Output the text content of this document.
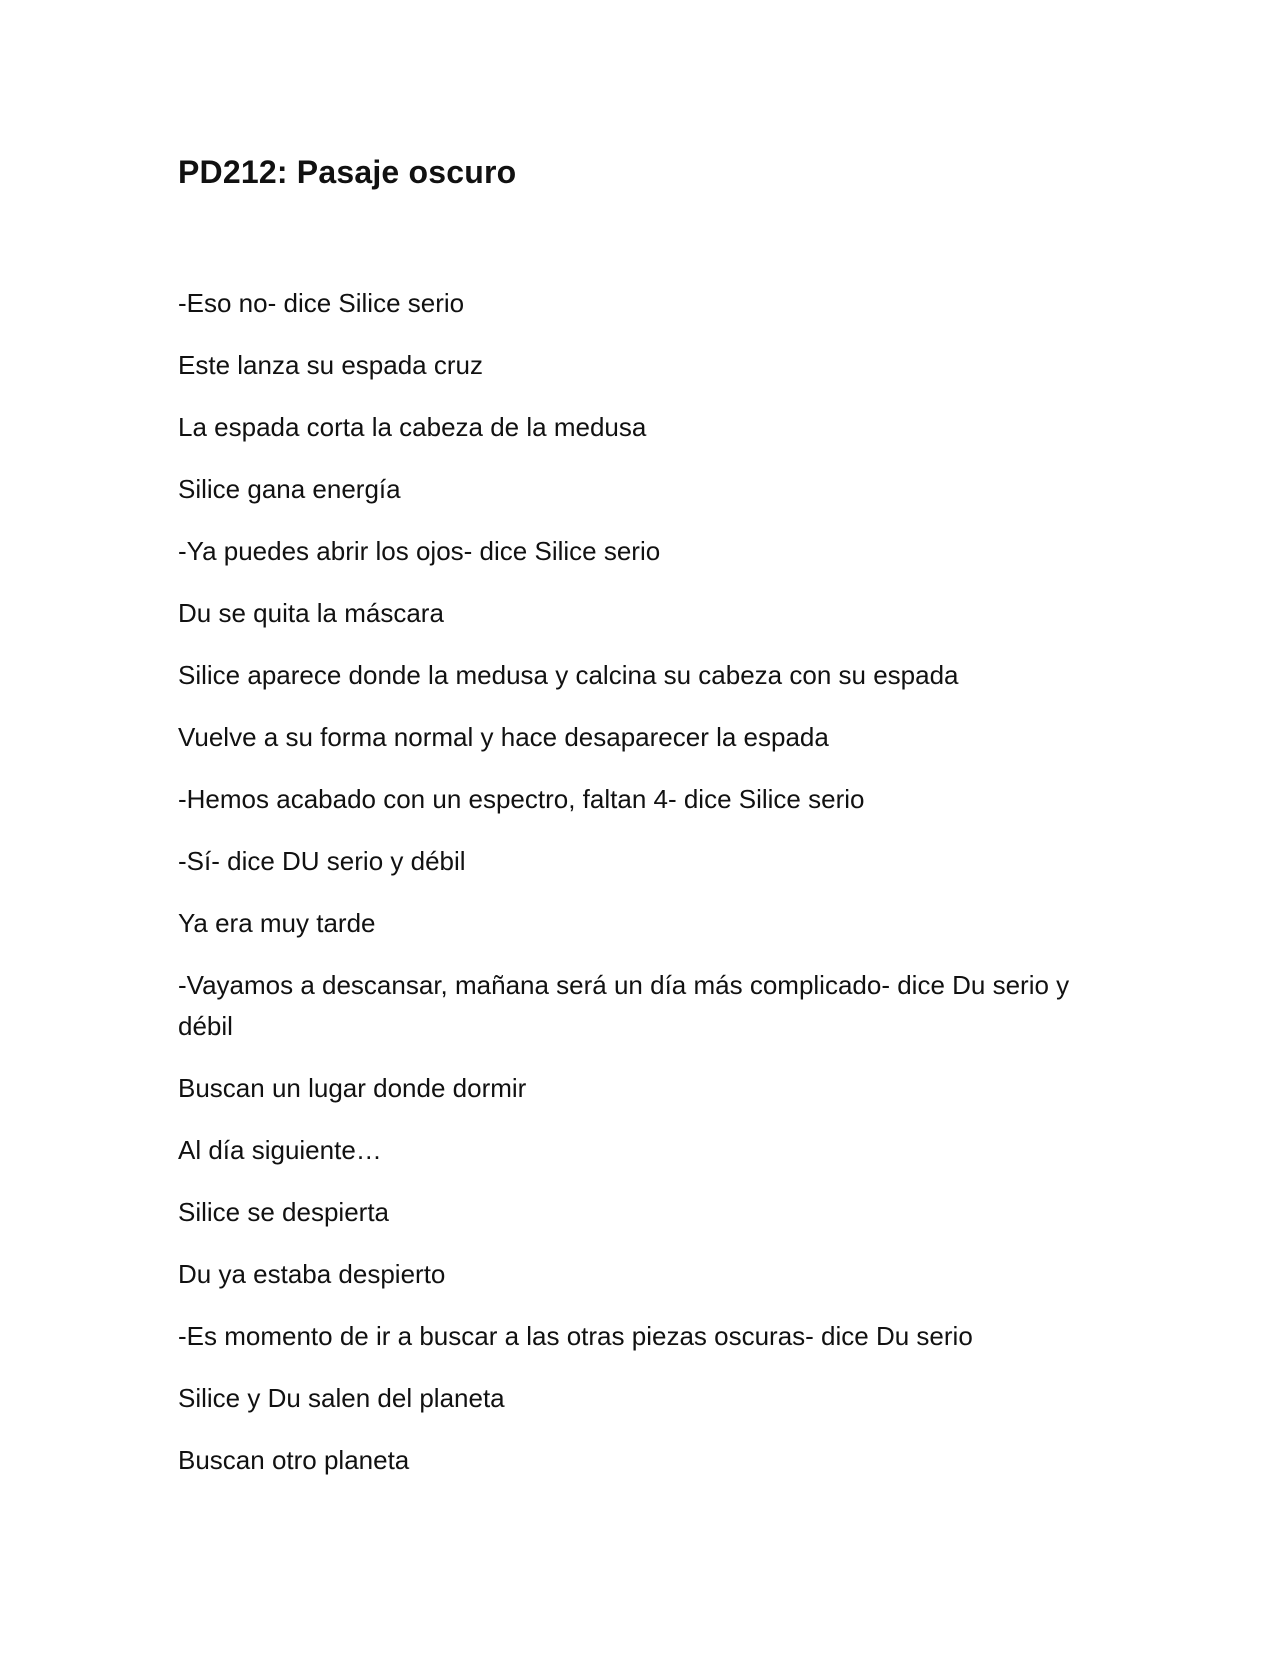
PD212: Pasaje oscuro

-Eso no- dice Silice serio

Este lanza su espada cruz

La espada corta la cabeza de la medusa

Silice gana energía

-Ya puedes abrir los ojos- dice Silice serio

Du se quita la máscara

Silice aparece donde la medusa y calcina su cabeza con su espada

Vuelve a su forma normal y hace desaparecer la espada

-Hemos acabado con un espectro, faltan 4- dice Silice serio

-Sí- dice DU serio y débil

Ya era muy tarde

-Vayamos a descansar, mañana será un día más complicado- dice Du serio y débil

Buscan un lugar donde dormir

Al día siguiente…

Silice se despierta

Du ya estaba despierto

-Es momento de ir a buscar a las otras piezas oscuras- dice Du serio

Silice y Du salen del planeta

Buscan otro planeta
